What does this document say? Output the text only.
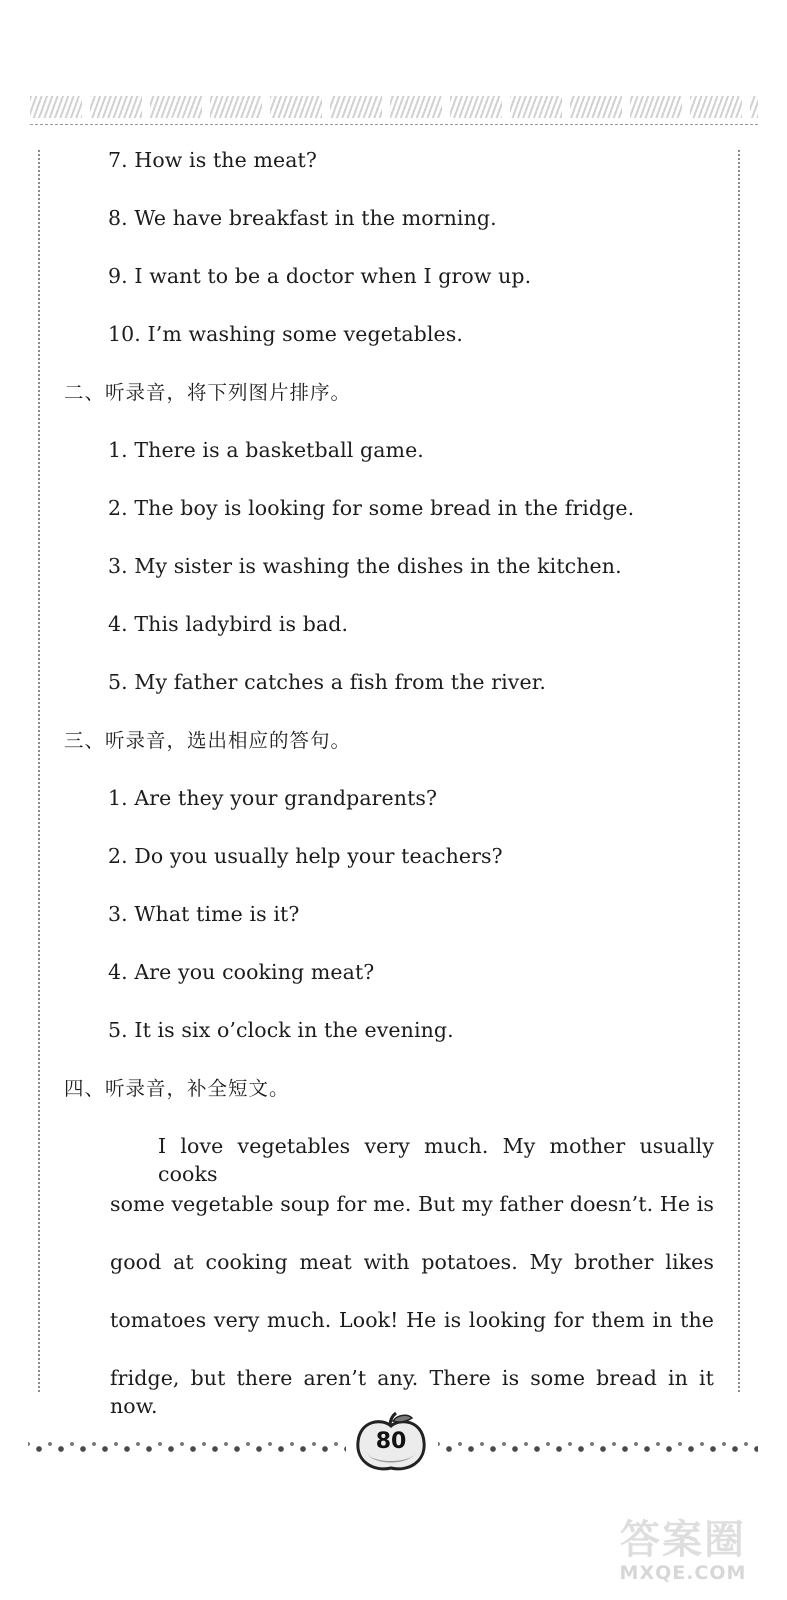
7. How is the meat?

8. We have breakfast in the morning.

9. I want to be a doctor when I grow up.

10. I’m washing some vegetables.

二、听录音，将下列图片排序。

1. There is a basketball game.

2. The boy is looking for some bread in the fridge.

3. My sister is washing the dishes in the kitchen.

4. This ladybird is bad.

5. My father catches a fish from the river.

三、听录音，选出相应的答句。

1. Are they your grandparents?

2. Do you usually help your teachers?

3. What time is it?

4. Are you cooking meat?

5. It is six o’clock in the evening.

四、听录音，补全短文。

I love vegetables very much. My mother usually cooks

some vegetable soup for me. But my father doesn’t. He is

good at cooking meat with potatoes. My brother likes

tomatoes very much. Look! He is looking for them in the

fridge, but there aren’t any. There is some bread in it now.

80
答案圈
MXQE.COM
